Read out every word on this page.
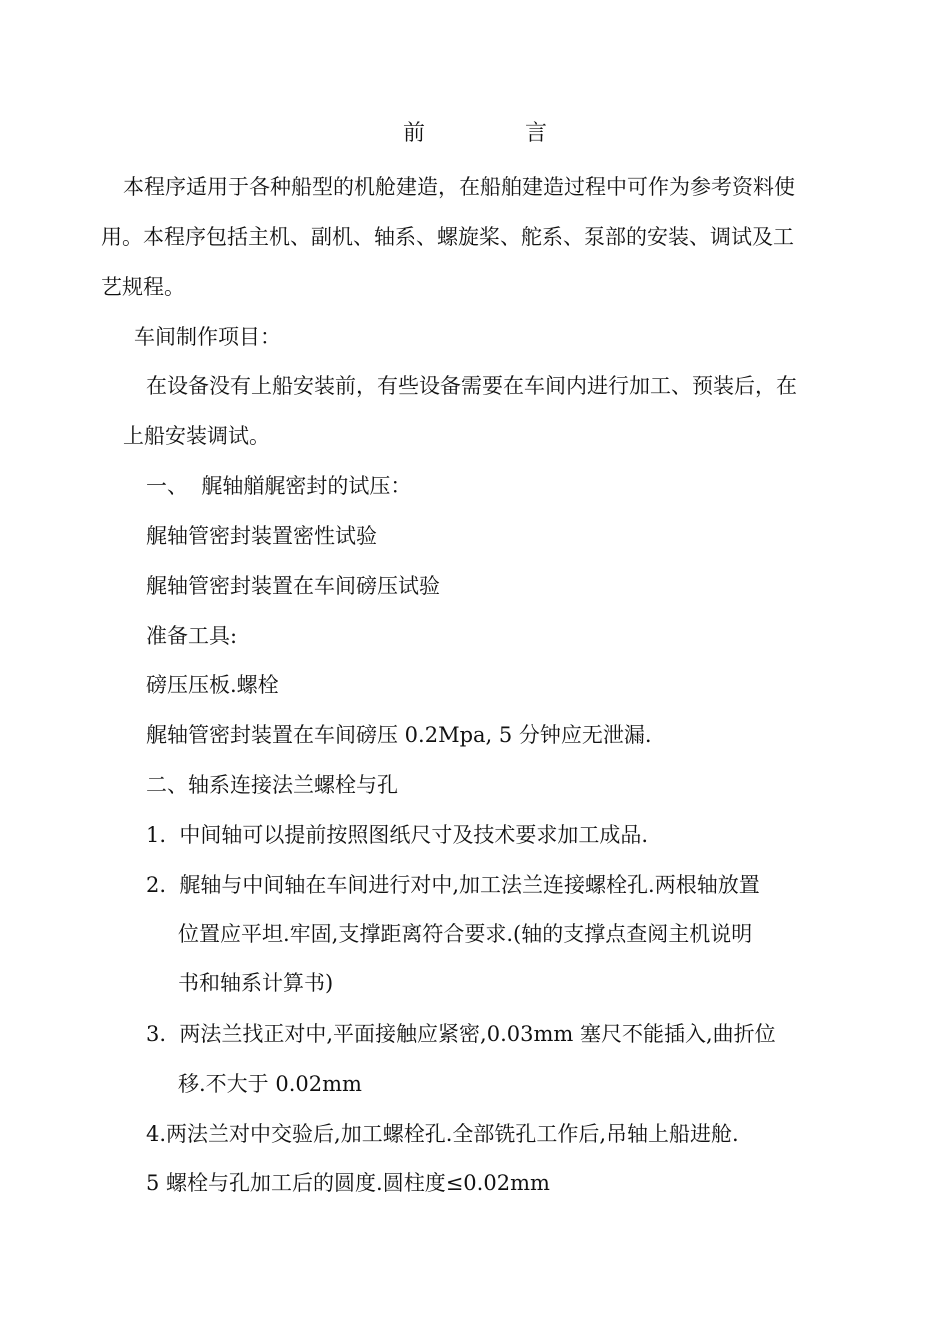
前	言
本程序适用于各种船型的机舱建造，在船舶建造过程中可作为参考资料使
用。本程序包括主机、副机、轴系、螺旋桨、舵系、泵部的安装、调试及工
艺规程。
车间制作项目：
在设备没有上船安装前，有些设备需要在车间内进行加工、预装后，在
上船安装调试。
一、  艉轴艏艉密封的试压：
艉轴管密封装置密性试验
艉轴管密封装置在车间磅压试验
准备工具:
磅压压板.螺栓
艉轴管密封装置在车间磅压 0.2Mpa, 5 分钟应无泄漏.
二、轴系连接法兰螺栓与孔
1.  中间轴可以提前按照图纸尺寸及技术要求加工成品.
2.  艉轴与中间轴在车间进行对中,加工法兰连接螺栓孔.两根轴放置
位置应平坦.牢固,支撑距离符合要求.(轴的支撑点查阅主机说明
书和轴系计算书)
3.  两法兰找正对中,平面接触应紧密,0.03mm 塞尺不能插入,曲折位
移.不大于 0.02mm
4.两法兰对中交验后,加工螺栓孔.全部铣孔工作后,吊轴上船进舱.
5 螺栓与孔加工后的圆度.圆柱度≤0.02mm
